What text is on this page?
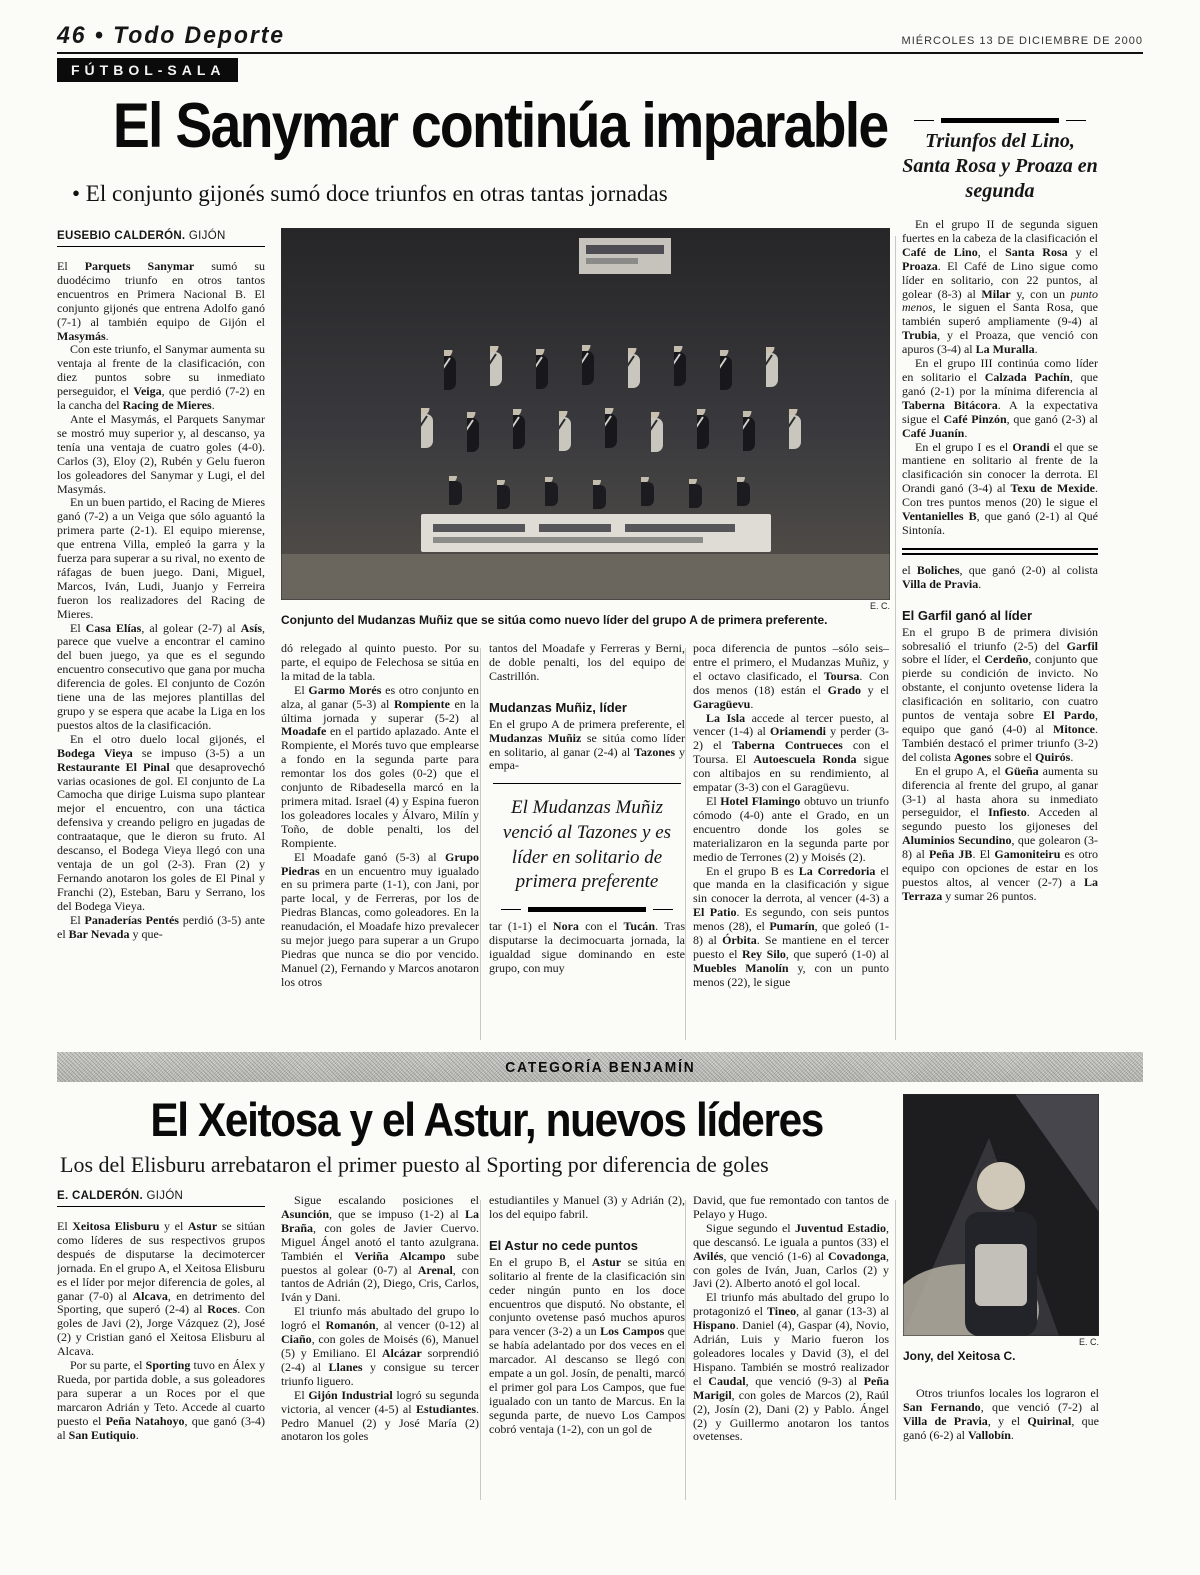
46 • Todo Deporte	MIÉRCOLES 13 DE DICIEMBRE DE 2000
FÚTBOL-SALA
El Sanymar continúa imparable
• El conjunto gijonés sumó doce triunfos en otras tantas jornadas
Triunfos del Lino, Santa Rosa y Proaza en segunda

En el grupo II de segunda siguen fuertes en la cabeza de la clasificación el Café de Lino, el Santa Rosa y el Proaza. El Café de Lino sigue como líder en solitario, con 22 puntos, al golear (8-3) al Milar y, con un punto menos, le siguen el Santa Rosa, que también superó ampliamente (9-4) al Trubia, y el Proaza, que venció con apuros (3-4) al La Muralla.

En el grupo III continúa como líder en solitario el Calzada Pachín, que ganó (2-1) por la mínima diferencia al Taberna Bitácora. A la expectativa sigue el Café Pinzón, que ganó (2-3) al Café Juanín.

En el grupo I es el Orandi el que se mantiene en solitario al frente de la clasificación sin conocer la derrota. El Orandi ganó (3-4) al Texu de Mexide. Con tres puntos menos (20) le sigue el Ventanielles B, que ganó (2-1) al Qué Sintonía.

el Boliches, que ganó (2-0) al colista Villa de Pravia.

El Garfil ganó al líder

En el grupo B de primera división sobresalió el triunfo (2-5) del Garfil sobre el líder, el Cerdeño, conjunto que pierde su condición de invicto. No obstante, el conjunto ovetense lidera la clasificación en solitario, con cuatro puntos de ventaja sobre El Pardo, equipo que ganó (4-0) al Mitonce. También destacó el primer triunfo (3-2) del colista Agones sobre el Quirós.

En el grupo A, el Güeña aumenta su diferencia al frente del grupo, al ganar (3-1) al hasta ahora su inmediato perseguidor, el Infiesto. Acceden al segundo puesto los gijoneses del Aluminios Secundino, que golearon (3-8) al Peña JB. El Gamoniteiru es otro equipo con opciones de estar en los puestos altos, al vencer (2-7) a La Terraza y sumar 26 puntos.

EUSEBIO CALDERÓN. GIJÓN

El Parquets Sanymar sumó su duodécimo triunfo en otros tantos encuentros en Primera Nacional B. El conjunto gijonés que entrena Adolfo ganó (7-1) al también equipo de Gijón el Masymás.

Con este triunfo, el Sanymar aumenta su ventaja al frente de la clasificación, con diez puntos sobre su inmediato perseguidor, el Veiga, que perdió (7-2) en la cancha del Racing de Mieres.

Ante el Masymás, el Parquets Sanymar se mostró muy superior y, al descanso, ya tenía una ventaja de cuatro goles (4-0). Carlos (3), Eloy (2), Rubén y Gelu fueron los goleadores del Sanymar y Lugi, el del Masymás.

En un buen partido, el Racing de Mieres ganó (7-2) a un Veiga que sólo aguantó la primera parte (2-1). El equipo mierense, que entrena Villa, empleó la garra y la fuerza para superar a su rival, no exento de ráfagas de buen juego. Dani, Miguel, Marcos, Iván, Ludi, Juanjo y Ferreira fueron los realizadores del Racing de Mieres.

El Casa Elías, al golear (2-7) al Asís, parece que vuelve a encontrar el camino del buen juego, ya que es el segundo encuentro consecutivo que gana por mucha diferencia de goles. El conjunto de Cozón tiene una de las mejores plantillas del grupo y se espera que acabe la Liga en los puestos altos de la clasificación.

En el otro duelo local gijonés, el Bodega Vieya se impuso (3-5) a un Restaurante El Pinal que desaprovechó varias ocasiones de gol. El conjunto de La Camocha que dirige Luisma supo plantear mejor el encuentro, con una táctica defensiva y creando peligro en jugadas de contraataque, que le dieron su fruto. Al descanso, el Bodega Vieya llegó con una ventaja de un gol (2-3). Fran (2) y Fernando anotaron los goles de El Pinal y Franchi (2), Esteban, Baru y Serrano, los del Bodega Vieya.

El Panaderías Pentés perdió (3-5) ante el Bar Nevada y que-

E. C.
Conjunto del Mudanzas Muñiz que se sitúa como nuevo líder del grupo A de primera preferente.

dó relegado al quinto puesto. Por su parte, el equipo de Felechosa se sitúa en la mitad de la tabla.

El Garmo Morés es otro conjunto en alza, al ganar (5-3) al Rompiente en la última jornada y superar (5-2) al Moadafe en el partido aplazado. Ante el Rompiente, el Morés tuvo que emplearse a fondo en la segunda parte para remontar los dos goles (0-2) que el conjunto de Ribadesella marcó en la primera mitad. Israel (4) y Espina fueron los goleadores locales y Álvaro, Milín y Toño, de doble penalti, los del Rompiente.

El Moadafe ganó (5-3) al Grupo Piedras en un encuentro muy igualado en su primera parte (1-1), con Jani, por parte local, y de Ferreras, por los de Piedras Blancas, como goleadores. En la reanudación, el Moadafe hizo prevalecer su mejor juego para superar a un Grupo Piedras que nunca se dio por vencido. Manuel (2), Fernando y Marcos anotaron los otros

tantos del Moadafe y Ferreras y Berni, de doble penalti, los del equipo de Castrillón.

Mudanzas Muñiz, líder

En el grupo A de primera preferente, el Mudanzas Muñiz se sitúa como líder en solitario, al ganar (2-4) al Tazones y empa-

El Mudanzas Muñiz venció al Tazones y es líder en solitario de primera preferente

tar (1-1) el Nora con el Tucán. Tras disputarse la decimocuarta jornada, la igualdad sigue dominando en este grupo, con muy

poca diferencia de puntos –sólo seis– entre el primero, el Mudanzas Muñiz, y el octavo clasificado, el Toursa. Con dos menos (18) están el Grado y el Garagüevu.

La Isla accede al tercer puesto, al vencer (1-4) al Oriamendi y perder (3-2) el Taberna Contrueces con el Toursa. El Autoescuela Ronda sigue con altibajos en su rendimiento, al empatar (3-3) con el Garagüevu.

El Hotel Flamingo obtuvo un triunfo cómodo (4-0) ante el Grado, en un encuentro donde los goles se materializaron en la segunda parte por medio de Terrones (2) y Moisés (2).

En el grupo B es La Corredoria el que manda en la clasificación y sigue sin conocer la derrota, al vencer (4-3) a El Patio. Es segundo, con seis puntos menos (28), el Pumarín, que goleó (1-8) al Órbita. Se mantiene en el tercer puesto el Rey Silo, que superó (1-0) al Muebles Manolín y, con un punto menos (22), le sigue

CATEGORÍA BENJAMÍN
El Xeitosa y el Astur, nuevos líderes
Los del Elisburu arrebataron el primer puesto al Sporting por diferencia de goles
E. CALDERÓN. GIJÓN

El Xeitosa Elisburu y el Astur se sitúan como líderes de sus respectivos grupos después de disputarse la decimotercer jornada. En el grupo A, el Xeitosa Elisburu es el líder por mejor diferencia de goles, al ganar (7-0) al Alcava, en detrimento del Sporting, que superó (2-4) al Roces. Con goles de Javi (2), Jorge Vázquez (2), José (2) y Cristian ganó el Xeitosa Elisburu al Alcava.

Por su parte, el Sporting tuvo en Álex y Rueda, por partida doble, a sus goleadores para superar a un Roces por el que marcaron Adrián y Teto. Accede al cuarto puesto el Peña Natahoyo, que ganó (3-4) al San Eutiquio.

Sigue escalando posiciones el Asunción, que se impuso (1-2) al La Braña, con goles de Javier Cuervo. Miguel Ángel anotó el tanto azulgrana. También el Veriña Alcampo sube puestos al golear (0-7) al Arenal, con tantos de Adrián (2), Diego, Cris, Carlos, Iván y Dani.

El triunfo más abultado del grupo lo logró el Romanón, al vencer (0-12) al Ciaño, con goles de Moisés (6), Manuel (5) y Emiliano. El Alcázar sorprendió (2-4) al Llanes y consigue su tercer triunfo liguero.

El Gijón Industrial logró su segunda victoria, al vencer (4-5) al Estudiantes. Pedro Manuel (2) y José María (2) anotaron los goles

estudiantiles y Manuel (3) y Adrián (2), los del equipo fabril.

El Astur no cede puntos

En el grupo B, el Astur se sitúa en solitario al frente de la clasificación sin ceder ningún punto en los doce encuentros que disputó. No obstante, el conjunto ovetense pasó muchos apuros para vencer (3-2) a un Los Campos que se había adelantado por dos veces en el marcador. Al descanso se llegó con empate a un gol. Josín, de penalti, marcó el primer gol para Los Campos, que fue igualado con un tanto de Marcus. En la segunda parte, de nuevo Los Campos cobró ventaja (1-2), con un gol de

David, que fue remontado con tantos de Pelayo y Hugo.

Sigue segundo el Juventud Estadio, que descansó. Le iguala a puntos (33) el Avilés, que venció (1-6) al Covadonga, con goles de Iván, Juan, Carlos (2) y Javi (2). Alberto anotó el gol local.

El triunfo más abultado del grupo lo protagonizó el Tineo, al ganar (13-3) al Hispano. Daniel (4), Gaspar (4), Novio, Adrián, Luis y Mario fueron los goleadores locales y David (3), el del Hispano. También se mostró realizador el Caudal, que venció (9-3) al Peña Marigil, con goles de Marcos (2), Raúl (2), Josín (2), Dani (2) y Pablo. Ángel (2) y Guillermo anotaron los tantos ovetenses.

E. C.
Jony, del Xeitosa C.

Otros triunfos locales los lograron el San Fernando, que venció (7-2) al Villa de Pravia, y el Quirinal, que ganó (6-2) al Vallobín.
